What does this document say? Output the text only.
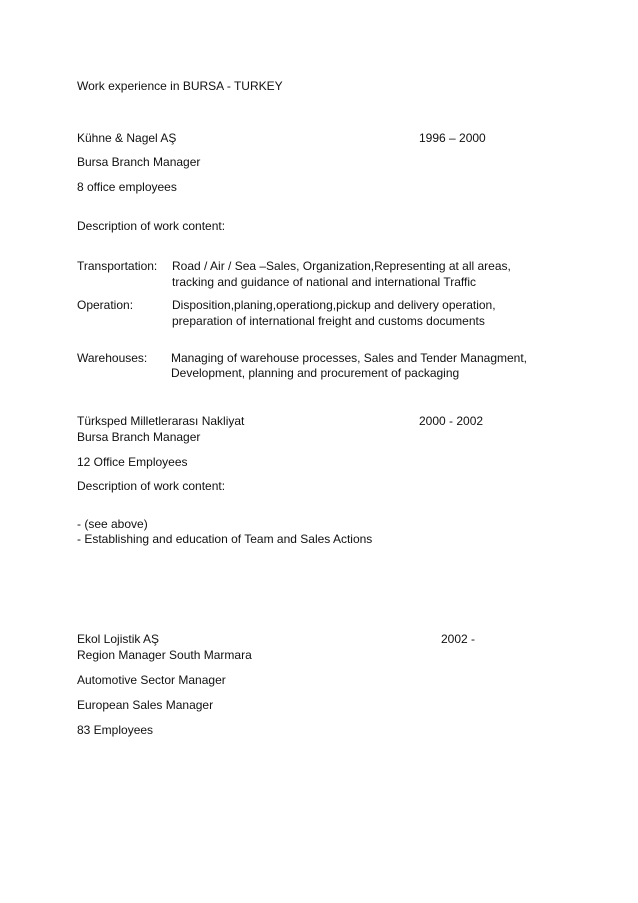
Work experience in BURSA - TURKEY
Kühne & Nagel AŞ	1996 – 2000
Bursa Branch Manager
8 office employees
Description of work content:
Transportation: Road / Air / Sea –Sales, Organization,Representing at all areas,
tracking and guidance of national and international Traffic
Operation:	Disposition,planing,operationg,pickup and delivery operation,
preparation of international freight and customs documents
Warehouses: Managing of warehouse processes, Sales and Tender Managment,
Development, planning and procurement of packaging
Türksped Milletlerarası Nakliyat	2000 - 2002
Bursa Branch Manager
12 Office Employees
Description of work content:
- (see above)
- Establishing and education of Team and Sales Actions
Ekol Lojistik AŞ	2002 -
Region Manager South Marmara
Automotive Sector Manager
European Sales Manager
83 Employees
